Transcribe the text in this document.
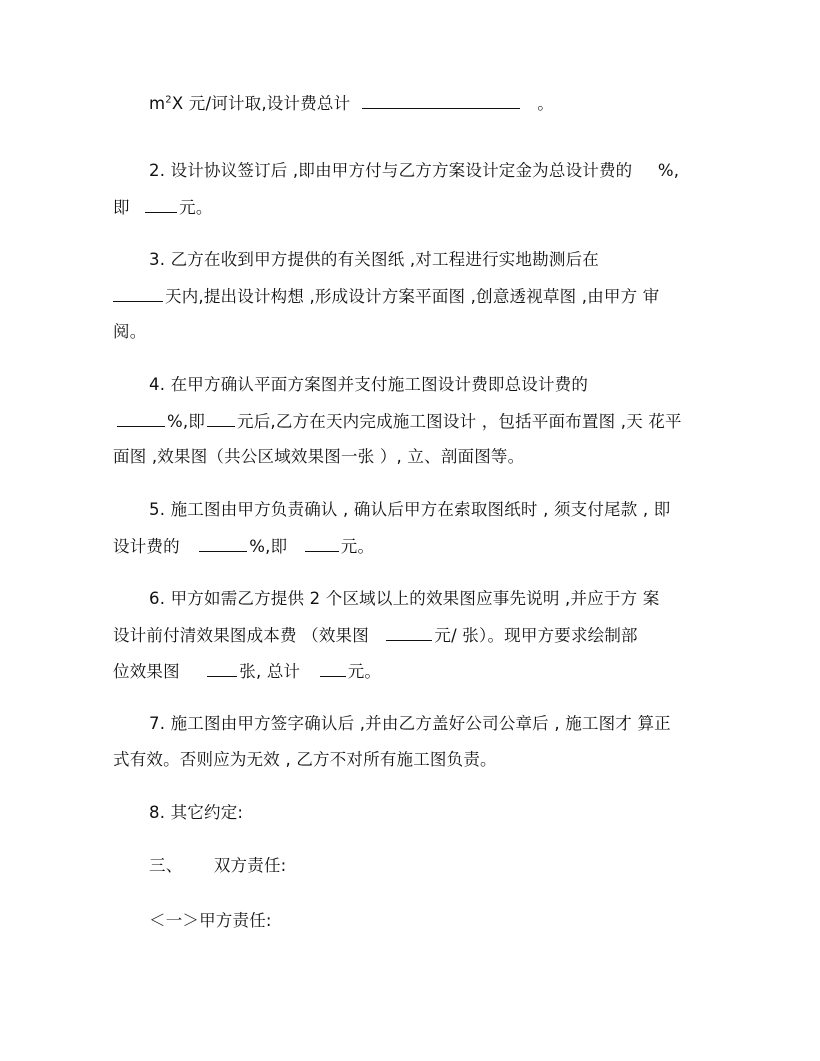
$m^2X$ 元/诃计取,设计费总计	。
2. 设计协议签订后 ,即由甲方付与乙方方案设计定金为总设计费的 %,
即	元。
3. 乙方在收到甲方提供的有关图纸 ,对工程进行实地勘测后在
天内,提出设计构想 ,形成设计方案平面图 ,创意透视草图 ,由甲方 审
阅。
4. 在甲方确认平面方案图并支付施工图设计费即总设计费的
%,即 元后,乙方在天内完成施工图设计 ，包括平面布置图 ,天 花平
面图 ,效果图（共公区域效果图一张 ）, 立、剖面图等。
5. 施工图由甲方负责确认 , 确认后甲方在索取图纸时 , 须支付尾款 , 即
设计费的	%,即	元。
6. 甲方如需乙方提供 2 个区域以上的效果图应事先说明 ,并应于方 案
设计前付清效果图成本费 （效果图	元/ 张）。现甲方要求绘制部
位效果图	张, 总计	元。
7. 施工图由甲方签字确认后 ,并由乙方盖好公司公章后 , 施工图才 算正
式有效。否则应为无效 , 乙方不对所有施工图负责。
8. 其它约定:
三、 双方责任:
＜一＞甲方责任:
